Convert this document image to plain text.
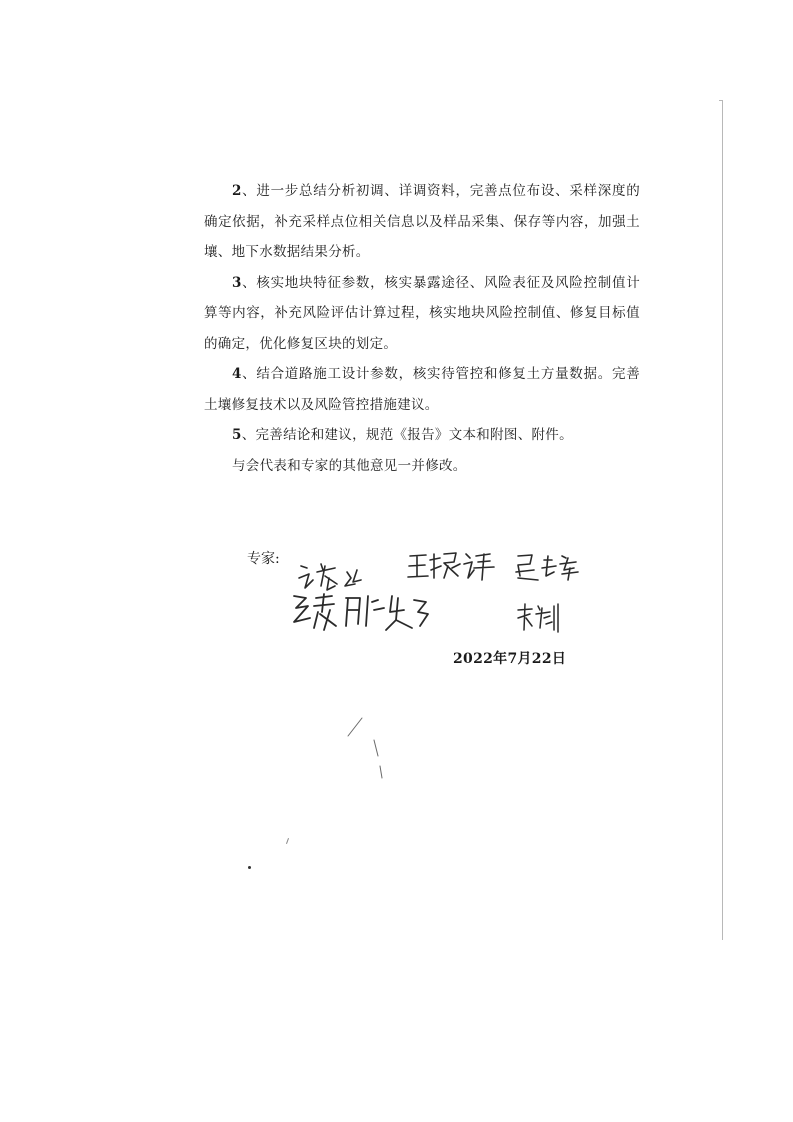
2、进一步总结分析初调、详调资料，完善点位布设、采样深度的确定依据，补充采样点位相关信息以及样品采集、保存等内容，加强土壤、地下水数据结果分析。

3、核实地块特征参数，核实暴露途径、风险表征及风险控制值计算等内容，补充风险评估计算过程，核实地块风险控制值、修复目标值的确定，优化修复区块的划定。

4、结合道路施工设计参数，核实待管控和修复土方量数据。完善土壤修复技术以及风险管控措施建议。

5、完善结论和建议，规范《报告》文本和附图、附件。

与会代表和专家的其他意见一并修改。

专家:
2022年7月22日
